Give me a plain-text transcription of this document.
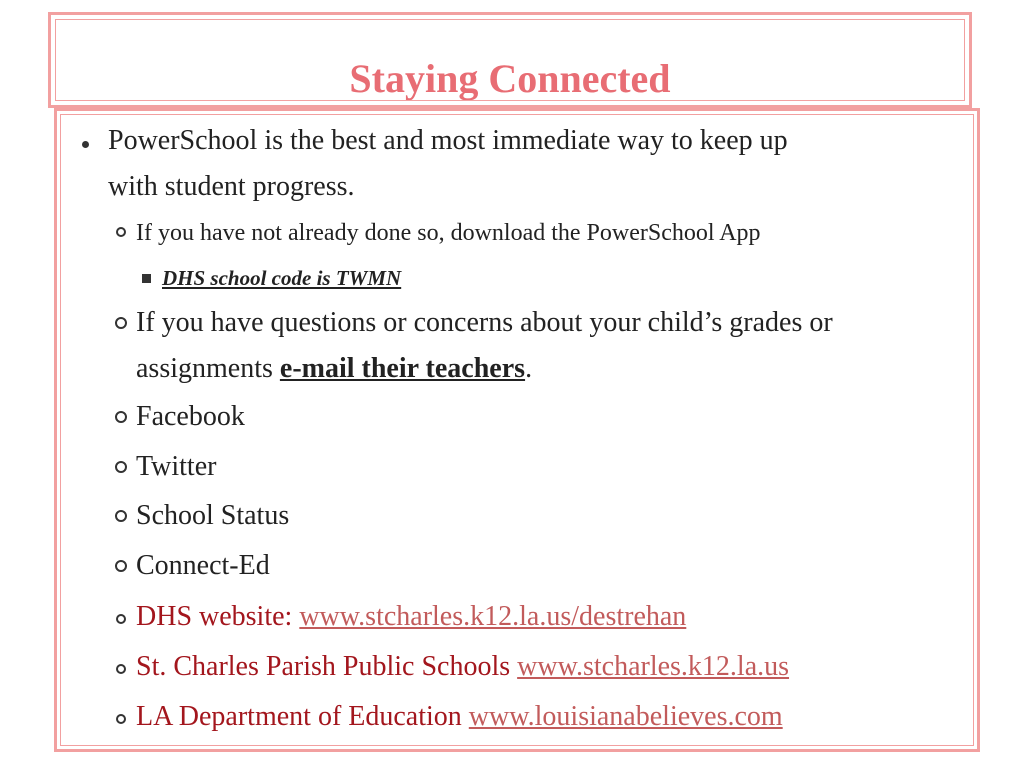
Staying Connected
PowerSchool is the best and most immediate way to keep up
with student progress.
If you have not already done so, download the PowerSchool App
DHS school code is TWMN
If you have questions or concerns about your child’s grades or
assignments e-mail their teachers.
Facebook
Twitter
School Status
Connect-Ed
DHS website: www.stcharles.k12.la.us/destrehan
St. Charles Parish Public Schools www.stcharles.k12.la.us
LA Department of Education www.louisianabelieves.com
